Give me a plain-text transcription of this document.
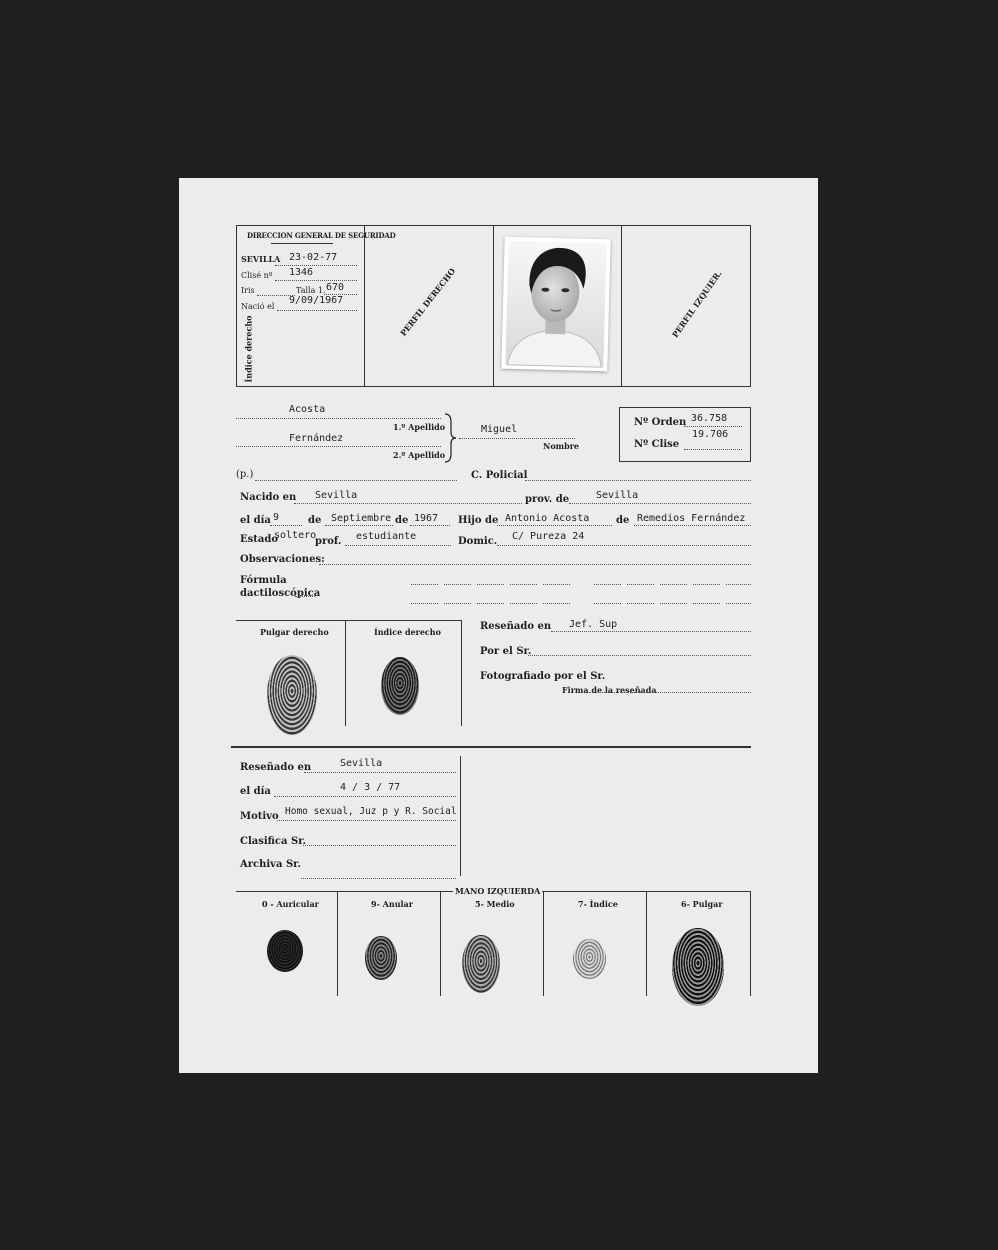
DIRECCION GENERAL DE SEGURIDAD
SEVILLA 23-02-77
Clisé nº 1346
Iris	Talla 1. 670
Nació el
9/09/1967
Índice derecho
PERFIL DERECHO	PERFIL IZQUIER.
Acosta
1.º Apellido
Fernández
2.º Apellido
Miguel
Nombre
Nº Orden 36.758
Nº Clise
19.706
(p.)	C. Policial
Nacido en Sevilla	prov. de	Sevilla
el día 9	de Septiembre de 1967 Hijo de Antonio Acosta	de Remedios Fernández
Estado
soltero
prof. estudiante	Domic. C/ Pureza 24
Observaciones:
Fórmula
dactiloscópica
Pulgar derecho	Índice derecho	Reseñado en Jef. Sup
Por el Sr.
Fotografiado por el Sr.
Firma de la reseñada
Reseñado en	Sevilla
el día	4 / 3 / 77
Motivo Homo sexual, Juz p y R. Social
Clasifica Sr.
Archiva Sr.
MANO IZQUIERDA
0 - Auricular	9- Anular	5- Medio	7- Índice	6- Pulgar
